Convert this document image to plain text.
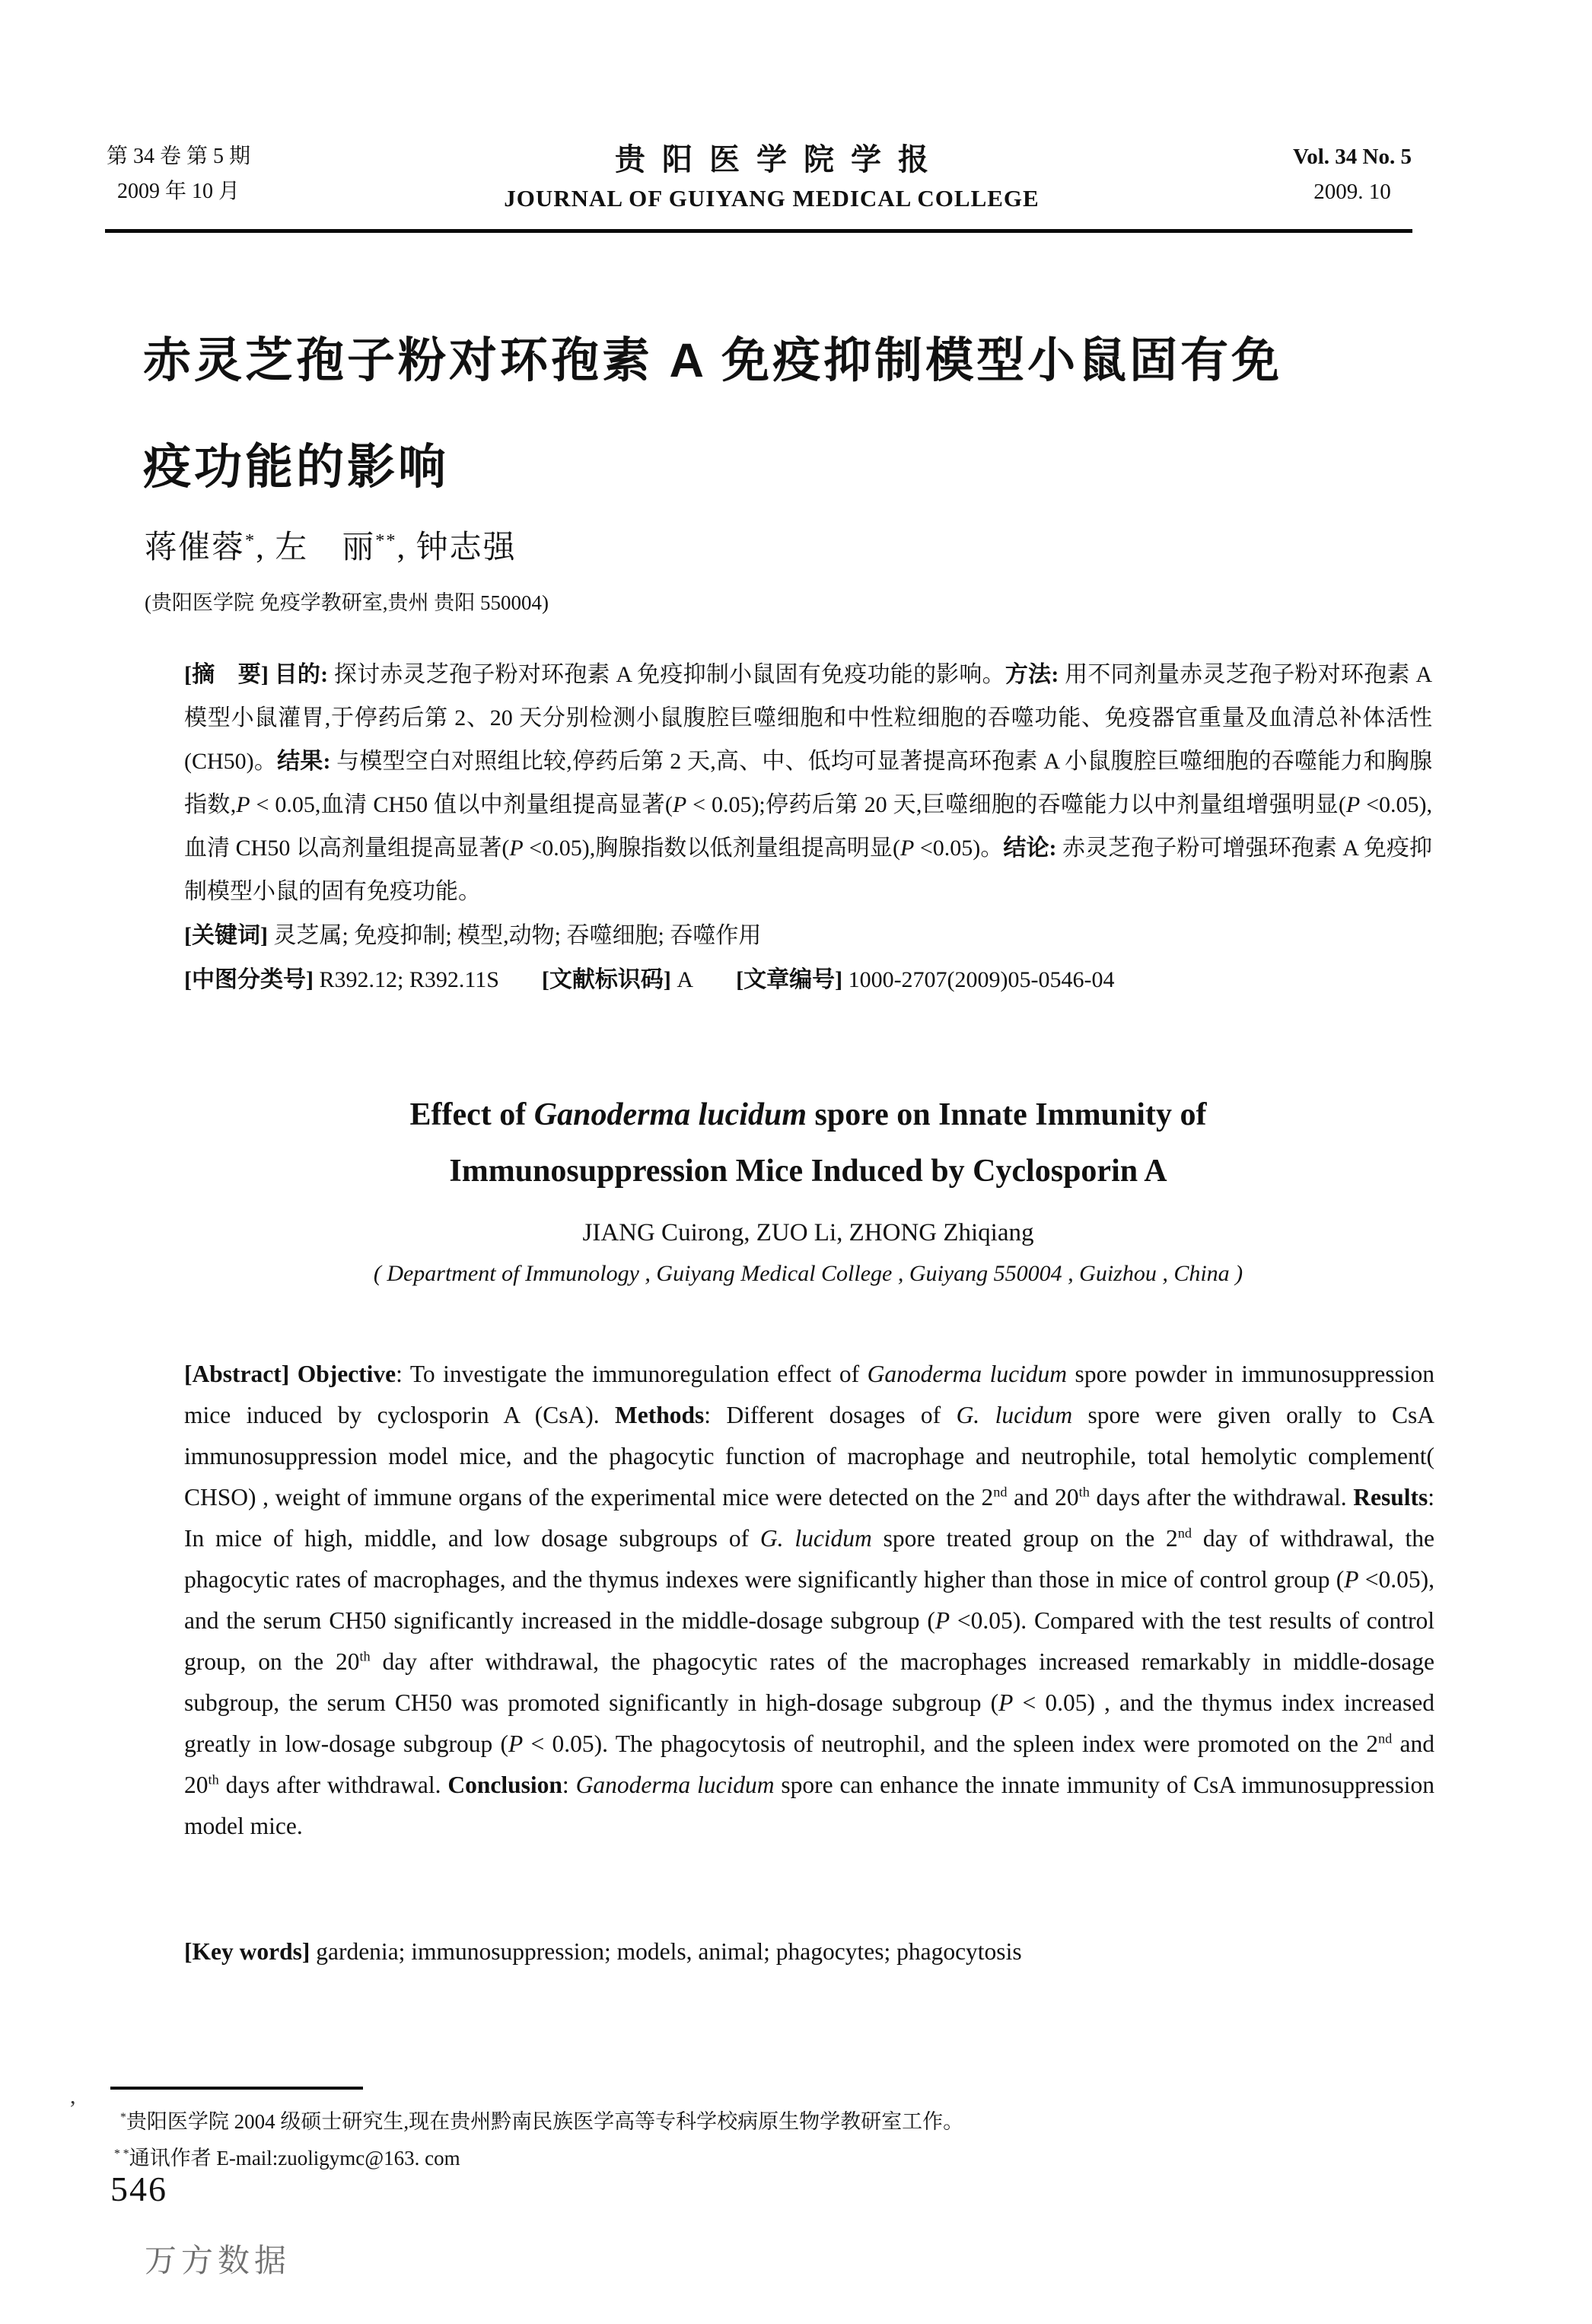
第 34 卷 第 5 期
2009 年 10 月
贵阳医学院学报
JOURNAL OF GUIYANG MEDICAL COLLEGE
Vol. 34 No. 5
2009. 10
赤灵芝孢子粉对环孢素 A 免疫抑制模型小鼠固有免
疫功能的影响
蒋催蓉*, 左　丽**, 钟志强
(贵阳医学院 免疫学教研室,贵州 贵阳 550004)
[摘　要] 目的: 探讨赤灵芝孢子粉对环孢素 A 免疫抑制小鼠固有免疫功能的影响。方法: 用不同剂量赤灵芝孢子粉对环孢素 A 模型小鼠灌胃,于停药后第 2、20 天分别检测小鼠腹腔巨噬细胞和中性粒细胞的吞噬功能、免疫器官重量及血清总补体活性(CH50)。结果: 与模型空白对照组比较,停药后第 2 天,高、中、低均可显著提高环孢素 A 小鼠腹腔巨噬细胞的吞噬能力和胸腺指数,P < 0.05,血清 CH50 值以中剂量组提高显著(P < 0.05);停药后第 20 天,巨噬细胞的吞噬能力以中剂量组增强明显(P <0.05),血清 CH50 以高剂量组提高显著(P <0.05),胸腺指数以低剂量组提高明显(P <0.05)。结论: 赤灵芝孢子粉可增强环孢素 A 免疫抑制模型小鼠的固有免疫功能。
[关键词] 灵芝属; 免疫抑制; 模型,动物; 吞噬细胞; 吞噬作用
[中图分类号] R392.12; R392.11S [文献标识码] A [文章编号] 1000-2707(2009)05-0546-04
Effect of Ganoderma lucidum spore on Innate Immunity of
Immunosuppression Mice Induced by Cyclosporin A
JIANG Cuirong, ZUO Li, ZHONG Zhiqiang
( Department of Immunology , Guiyang Medical College , Guiyang 550004 , Guizhou , China )
[Abstract] Objective: To investigate the immunoregulation effect of Ganoderma lucidum spore powder in immunosuppression mice induced by cyclosporin A (CsA). Methods: Different dosages of G. lucidum spore were given orally to CsA immunosuppression model mice, and the phagocytic function of macrophage and neutrophile, total hemolytic complement( CHSO) , weight of immune organs of the experimental mice were detected on the 2nd and 20th days after the withdrawal. Results: In mice of high, middle, and low dosage subgroups of G. lucidum spore treated group on the 2nd day of withdrawal, the phagocytic rates of macrophages, and the thymus indexes were significantly higher than those in mice of control group (P <0.05), and the serum CH50 significantly increased in the middle-dosage subgroup (P <0.05). Compared with the test results of control group, on the 20th day after withdrawal, the phagocytic rates of the macrophages increased remarkably in middle-dosage subgroup, the serum CH50 was promoted significantly in high-dosage subgroup (P < 0.05) , and the thymus index increased greatly in low-dosage subgroup (P < 0.05). The phagocytosis of neutrophil, and the spleen index were promoted on the 2nd and 20th days after withdrawal. Conclusion: Ganoderma lucidum spore can enhance the innate immunity of CsA immunosuppression model mice.
[Key words] gardenia; immunosuppression; models, animal; phagocytes; phagocytosis
,
*贵阳医学院 2004 级硕士研究生,现在贵州黔南民族医学高等专科学校病原生物学教研室工作。
* *通讯作者 E-mail:zuoligymc@163. com
546
万方数据
